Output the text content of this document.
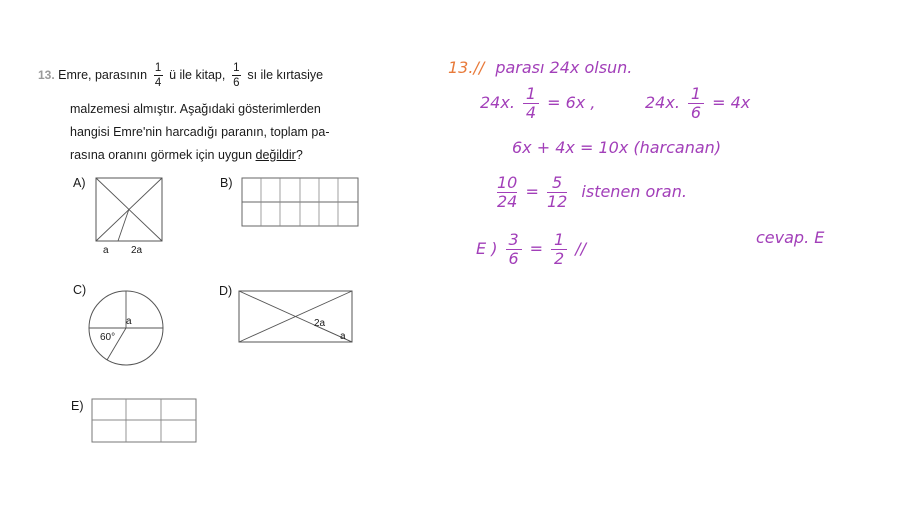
13. Emre, parasının $\frac{1}{4}$ ü ile kitap, $\frac{1}{6}$ sı ile kırtasiye
malzemesi almıştır. Aşağıdaki gösterimlerden
hangisi Emre'nin harcadığı paranın, toplam pa-
rasına oranını görmek için uygun değildir?
A)
a 2a
B)
C)
60°
a
D)
2a
a
E)
13.// parası 24x olsun.
24x. $\frac{1}{4} = 6x$ ,	24x. $\frac{1}{6} = 4x$
6x + 4x = 10x (harcanan)
$\frac{10}{24} = \frac{5}{12}$ istenen oran.
E ) $\frac{3}{6} = \frac{1}{2}$ //
cevap. E
